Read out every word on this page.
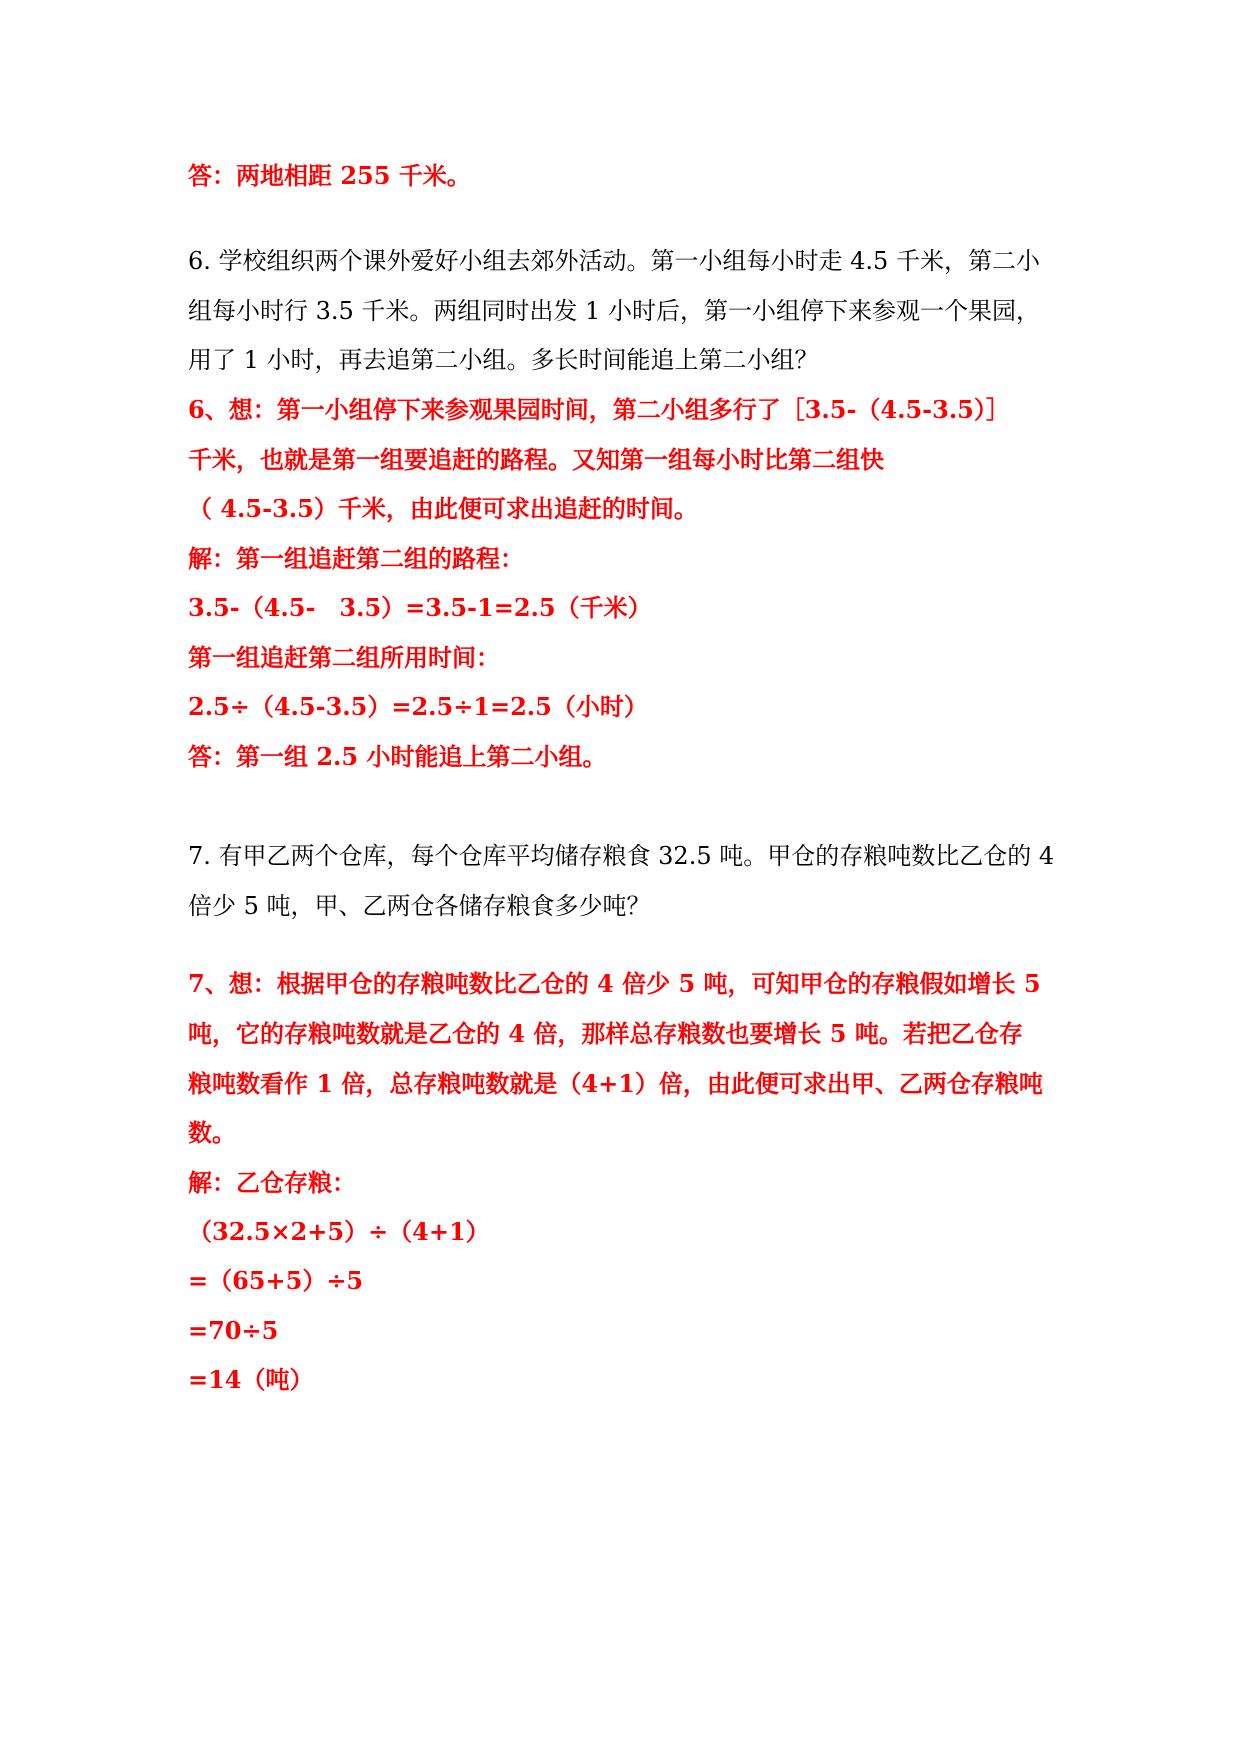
答：两地相距 255 千米。
6. 学校组织两个课外爱好小组去郊外活动。第一小组每小时走 4.5 千米，第二小
组每小时行 3.5 千米。两组同时出发 1 小时后，第一小组停下来参观一个果园，
用了 1 小时，再去追第二小组。多长时间能追上第二小组？
6、想：第一小组停下来参观果园时间，第二小组多行了［3.5-（4.5-3.5）］
千米，也就是第一组要追赶的路程。又知第一组每小时比第二组快
（ 4.5-3.5）千米，由此便可求出追赶的时间。
解：第一组追赶第二组的路程：
3.5-（4.5-　3.5）=3.5-1=2.5（千米）
第一组追赶第二组所用时间：
2.5÷（4.5-3.5）=2.5÷1=2.5（小时）
答：第一组 2.5 小时能追上第二小组。
7. 有甲乙两个仓库，每个仓库平均储存粮食 32.5 吨。甲仓的存粮吨数比乙仓的 4
倍少 5 吨，甲、乙两仓各储存粮食多少吨？
7、想：根据甲仓的存粮吨数比乙仓的 4 倍少 5 吨，可知甲仓的存粮假如增长 5
吨，它的存粮吨数就是乙仓的 4 倍，那样总存粮数也要增长 5 吨。若把乙仓存
粮吨数看作 1 倍，总存粮吨数就是（4+1）倍，由此便可求出甲、乙两仓存粮吨
数。
解：乙仓存粮：
（32.5×2+5）÷（4+1）
=（65+5）÷5
=70÷5
=14（吨）
